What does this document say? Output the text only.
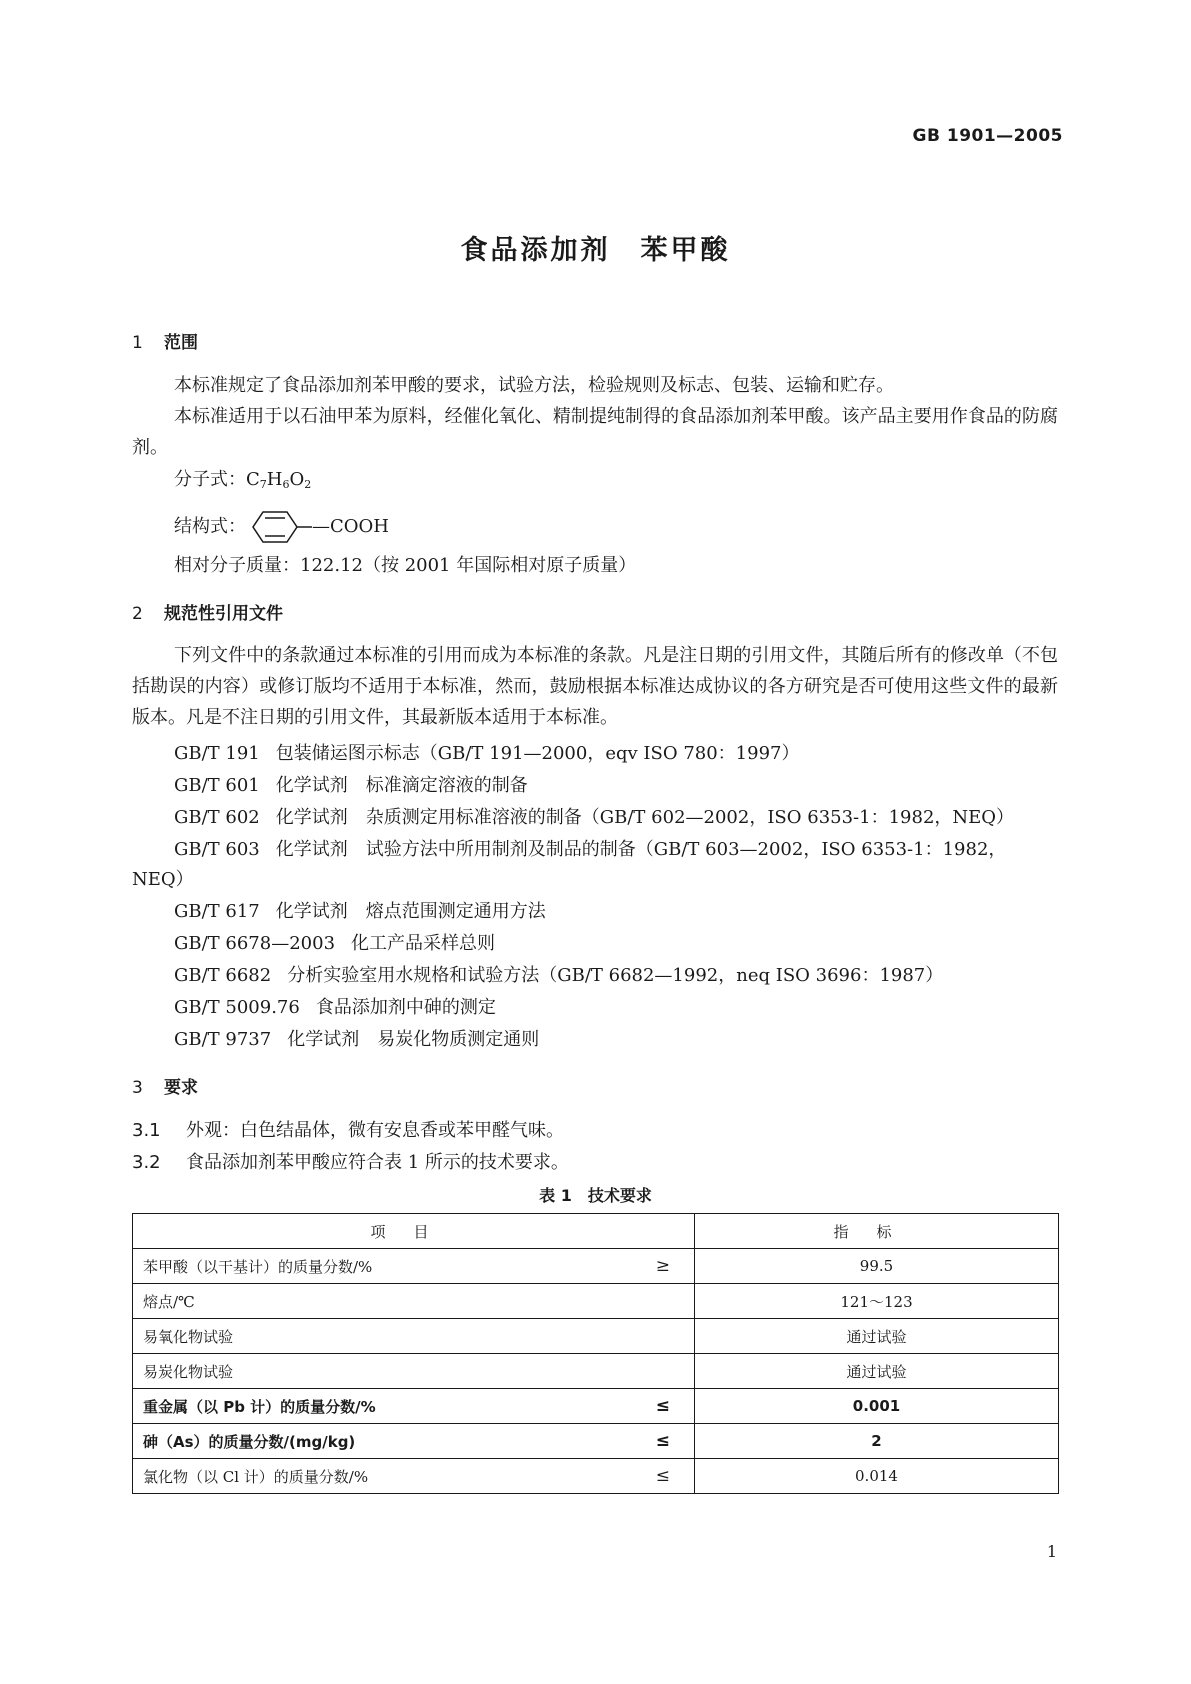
GB 1901—2005
食品添加剂　苯甲酸
1 范围
本标准规定了食品添加剂苯甲酸的要求，试验方法，检验规则及标志、包装、运输和贮存。
本标准适用于以石油甲苯为原料，经催化氧化、精制提纯制得的食品添加剂苯甲酸。该产品主要用作食品的防腐剂。
分子式：C7H6O2
结构式：	—COOH
相对分子质量：122.12（按 2001 年国际相对原子质量）
2 规范性引用文件
下列文件中的条款通过本标准的引用而成为本标准的条款。凡是注日期的引用文件，其随后所有的修改单（不包括勘误的内容）或修订版均不适用于本标准，然而，鼓励根据本标准达成协议的各方研究是否可使用这些文件的最新版本。凡是不注日期的引用文件，其最新版本适用于本标准。
GB/T 191 包装储运图示标志（GB/T 191—2000，eqv ISO 780：1997）
GB/T 601 化学试剂　标准滴定溶液的制备
GB/T 602 化学试剂　杂质测定用标准溶液的制备（GB/T 602—2002，ISO 6353-1：1982，NEQ）
GB/T 603 化学试剂　试验方法中所用制剂及制品的制备（GB/T 603—2002，ISO 6353-1：1982，
NEQ）
GB/T 617 化学试剂　熔点范围测定通用方法
GB/T 6678—2003 化工产品采样总则
GB/T 6682 分析实验室用水规格和试验方法（GB/T 6682—1992，neq ISO 3696：1987）
GB/T 5009.76 食品添加剂中砷的测定
GB/T 9737 化学试剂　易炭化物质测定通则
3 要求
3.1 外观：白色结晶体，微有安息香或苯甲醛气味。
3.2 食品添加剂苯甲酸应符合表 1 所示的技术要求。
表 1　技术要求
项目	指标

苯甲酸（以干基计）的质量分数/% ≥	99.5

熔点/℃	121～123

易氧化物试验	通过试验

易炭化物试验	通过试验

重金属（以 Pb 计）的质量分数/% ≤	0.001

砷（As）的质量分数/(mg/kg) ≤	2

氯化物（以 Cl 计）的质量分数/% ≤	0.014
1
